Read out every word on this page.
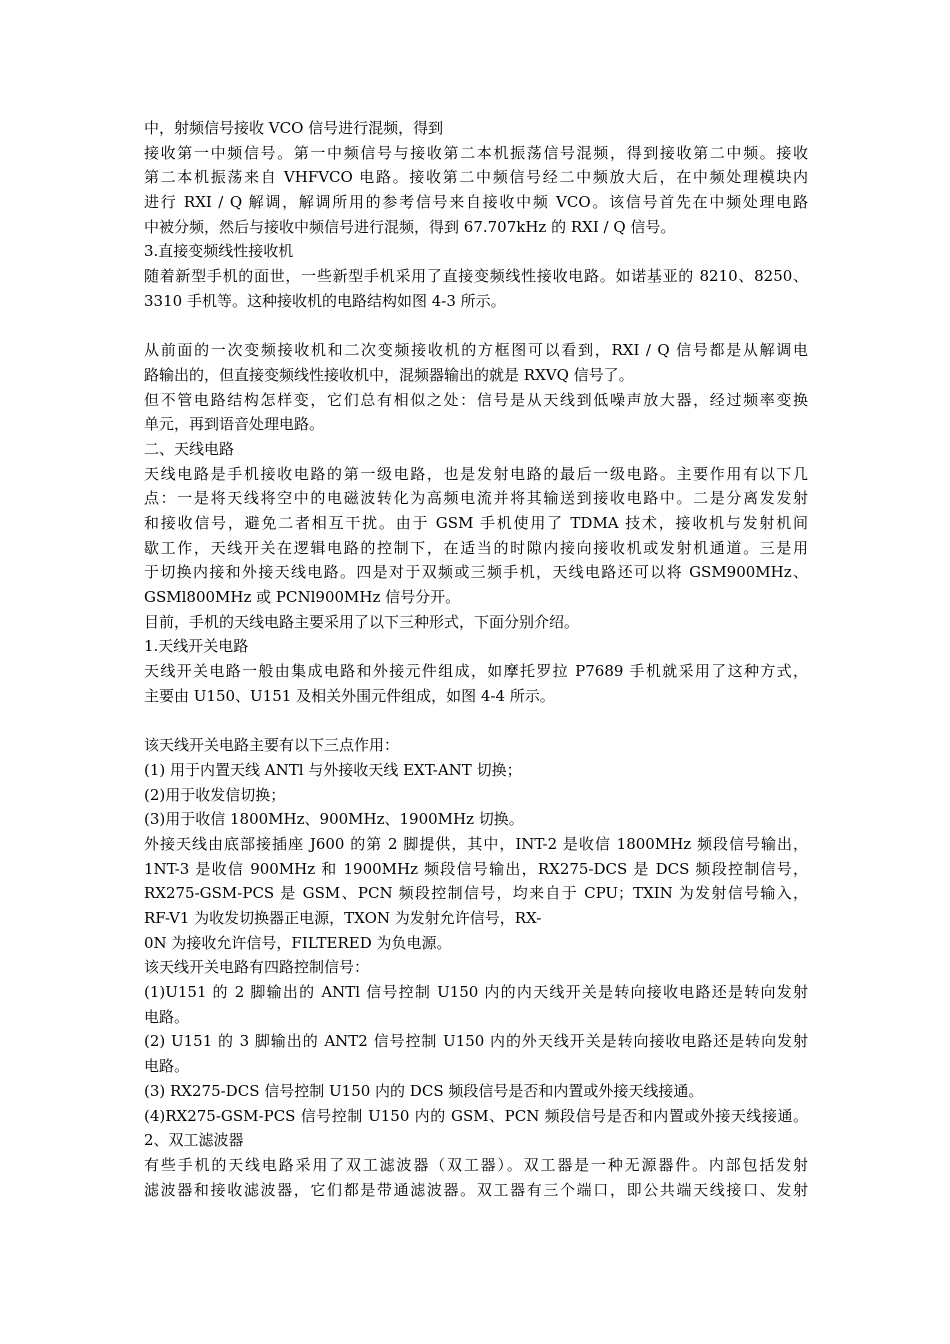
中，射频信号接收 VCO 信号进行混频，得到
接收第一中频信号。第一中频信号与接收第二本机振荡信号混频，得到接收第二中频。接收
第二本机振荡来自 VHFVCO 电路。接收第二中频信号经二中频放大后，在中频处理模块内
进行 RXI / Q 解调，解调所用的参考信号来自接收中频 VCO。该信号首先在中频处理电路
中被分频，然后与接收中频信号进行混频，得到 67.707kHz 的 RXI / Q 信号。
3.直接变频线性接收机
随着新型手机的面世，一些新型手机采用了直接变频线性接收电路。如诺基亚的 8210、8250、
3310 手机等。这种接收机的电路结构如图 4-3 所示。
从前面的一次变频接收机和二次变频接收机的方框图可以看到，RXI / Q 信号都是从解调电
路输出的，但直接变频线性接收机中，混频器输出的就是 RXVQ 信号了。
但不管电路结构怎样变，它们总有相似之处：信号是从天线到低噪声放大器，经过频率变换
单元，再到语音处理电路。
二、天线电路
天线电路是手机接收电路的第一级电路，也是发射电路的最后一级电路。主要作用有以下几
点：一是将天线将空中的电磁波转化为高频电流并将其输送到接收电路中。二是分离发发射
和接收信号，避免二者相互干扰。由于 GSM 手机使用了 TDMA 技术，接收机与发射机间
歇工作，天线开关在逻辑电路的控制下，在适当的时隙内接向接收机或发射机通道。三是用
于切换内接和外接天线电路。四是对于双频或三频手机，天线电路还可以将 GSM900MHz、
GSMl800MHz 或 PCNl900MHz 信号分开。
目前，手机的天线电路主要采用了以下三种形式，下面分别介绍。
1.天线开关电路
天线开关电路一般由集成电路和外接元件组成，如摩托罗拉 P7689 手机就采用了这种方式，
主要由 U150、U151 及相关外围元件组成，如图 4-4 所示。
该天线开关电路主要有以下三点作用：
(1) 用于内置天线 ANTl 与外接收天线 EXT-ANT 切换；
(2)用于收发信切换；
(3)用于收信 1800MHz、900MHz、1900MHz 切换。
外接天线由底部接插座 J600 的第 2 脚提供，其中，INT-2 是收信 1800MHz 频段信号输出，
1NT-3 是收信 900MHz 和 1900MHz 频段信号输出，RX275-DCS 是 DCS 频段控制信号，
RX275-GSM-PCS 是 GSM、PCN 频段控制信号，均来自于 CPU；TXIN 为发射信号输入，
RF-V1 为收发切换器正电源，TXON 为发射允许信号，RX-
0N 为接收允许信号，FILTERED 为负电源。
该天线开关电路有四路控制信号：
(1)U151 的 2 脚输出的 ANTl 信号控制 U150 内的内天线开关是转向接收电路还是转向发射
电路。
(2) U151 的 3 脚输出的 ANT2 信号控制 U150 内的外天线开关是转向接收电路还是转向发射
电路。
(3) RX275-DCS 信号控制 U150 内的 DCS 频段信号是否和内置或外接天线接通。
(4)RX275-GSM-PCS 信号控制 U150 内的 GSM、PCN 频段信号是否和内置或外接天线接通。
2、双工滤波器
有些手机的天线电路采用了双工滤波器（双工器）。双工器是一种无源器件。内部包括发射
滤波器和接收滤波器，它们都是带通滤波器。双工器有三个端口，即公共端天线接口、发射
